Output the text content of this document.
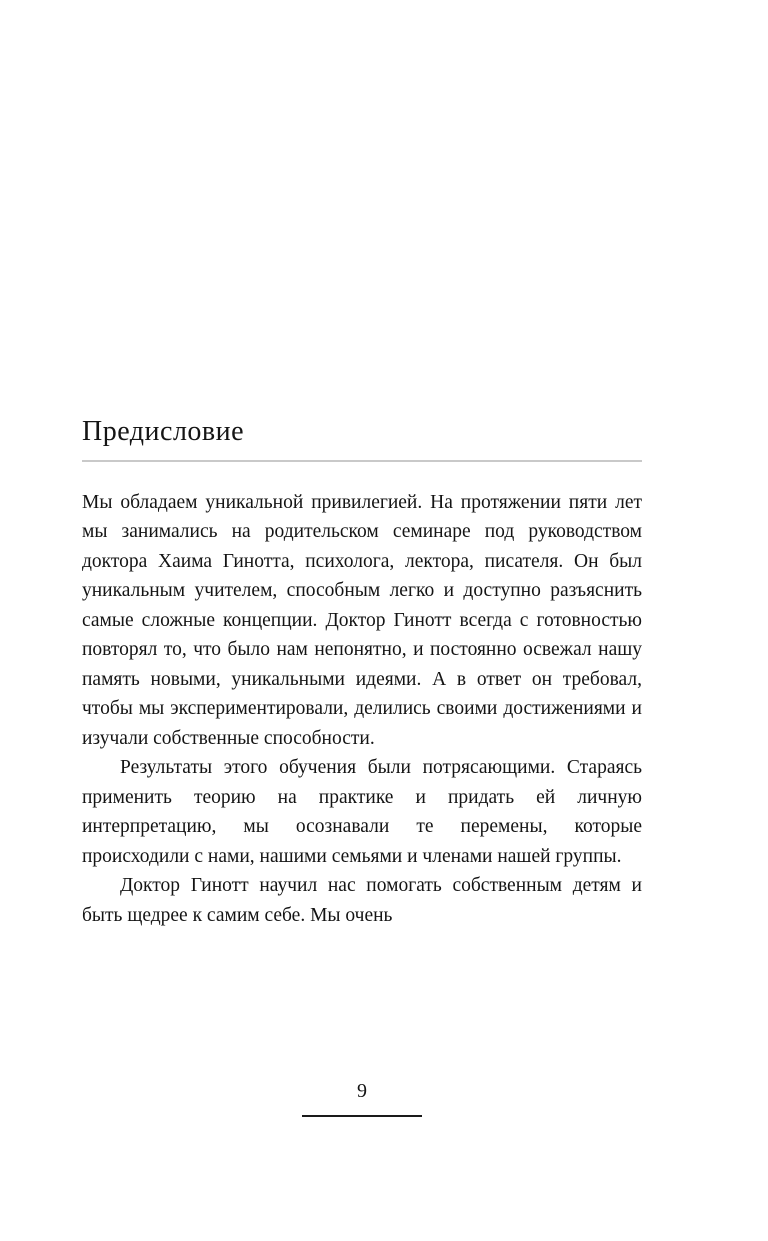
Предисловие

Мы обладаем уникальной привилегией. На протяжении пяти лет мы занимались на родительском семинаре под руководством доктора Хаима Гинотта, психолога, лектора, писателя. Он был уникальным учителем, способным легко и доступно разъяснить самые сложные концепции. Доктор Гинотт всегда с готовностью повторял то, что было нам непонятно, и постоянно освежал нашу память новыми, уникальными идеями. А в ответ он требовал, чтобы мы экспериментировали, делились своими достижениями и изучали собственные способности.

Результаты этого обучения были потрясающими. Стараясь применить теорию на практике и придать ей личную интерпретацию, мы осознавали те перемены, которые происходили с нами, нашими семьями и членами нашей группы.

Доктор Гинотт научил нас помогать собственным детям и быть щедрее к самим себе. Мы очень

9
